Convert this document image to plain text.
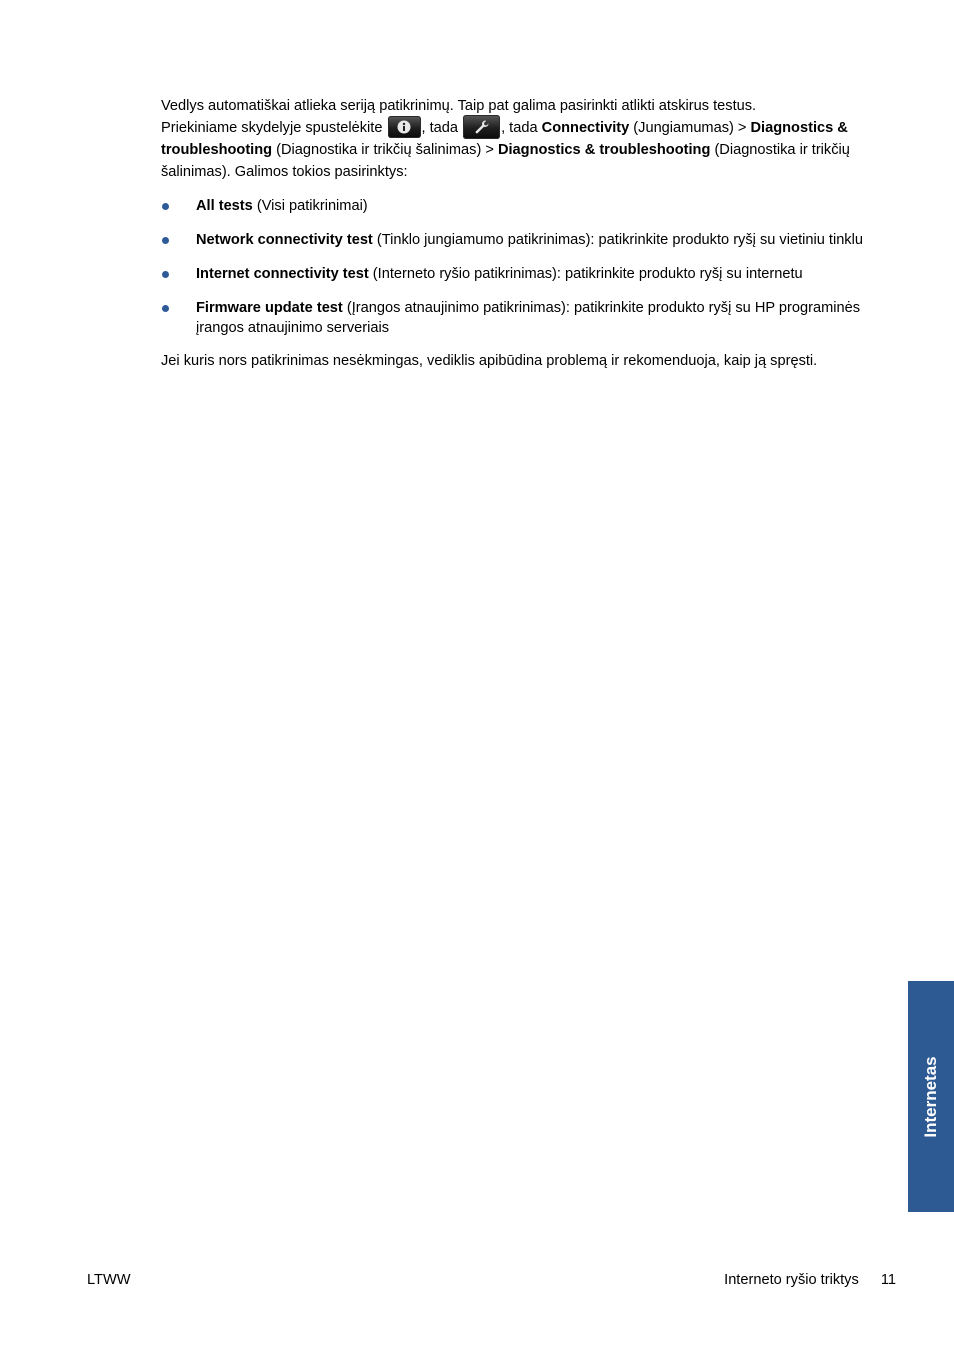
Vedlys automatiškai atlieka seriją patikrinimų. Taip pat galima pasirinkti atlikti atskirus testus.
Priekiniame skydelyje spustelėkite	, tada	, tada Connectivity (Jungiamumas) > Diagnostics & troubleshooting (Diagnostika ir trikčių šalinimas) > Diagnostics & troubleshooting (Diagnostika ir trikčių šalinimas). Galimos tokios pasirinktys:

All tests (Visi patikrinimai)
Network connectivity test (Tinklo jungiamumo patikrinimas): patikrinkite produkto ryšį su vietiniu tinklu
Internet connectivity test (Interneto ryšio patikrinimas): patikrinkite produkto ryšį su internetu
Firmware update test (Įrangos atnaujinimo patikrinimas): patikrinkite produkto ryšį su HP programinės įrangos atnaujinimo serveriais

Jei kuris nors patikrinimas nesėkmingas, vediklis apibūdina problemą ir rekomenduoja, kaip ją spręsti.

Internetas
LTWW	Interneto ryšio triktys 11
